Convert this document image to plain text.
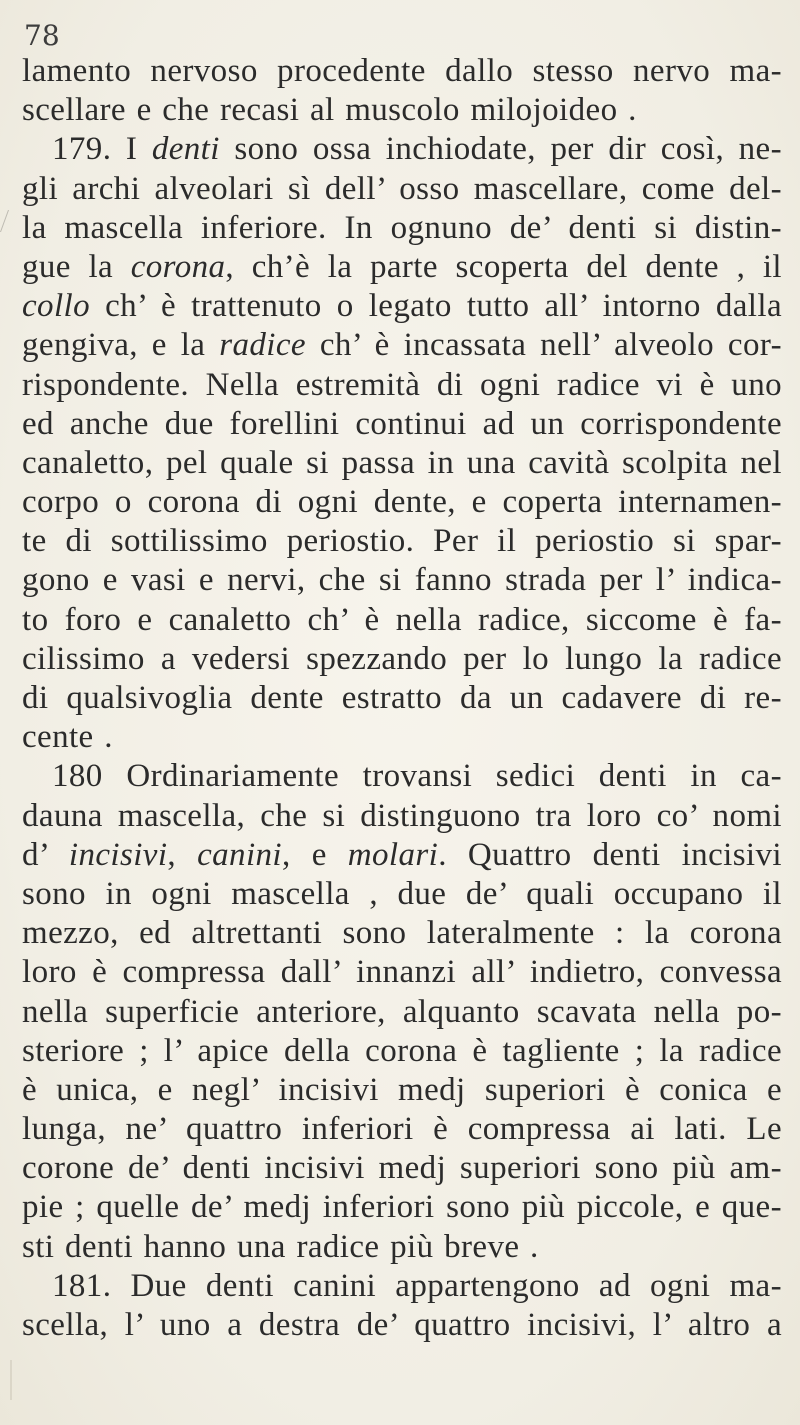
78
lamento nervoso procedente dallo stesso nervo ma-
scellare e che recasi al muscolo milojoideo .
179. I denti sono ossa inchiodate, per dir così, ne-
gli archi alveolari sì dell’ osso mascellare, come del-
la mascella inferiore. In ognuno de’ denti si distin-
gue la corona, ch’è la parte scoperta del dente , il
collo ch’ è trattenuto o legato tutto all’ intorno dalla
gengiva, e la radice ch’ è incassata nell’ alveolo cor-
rispondente. Nella estremità di ogni radice vi è uno
ed anche due forellini continui ad un corrispondente
canaletto, pel quale si passa in una cavità scolpita nel
corpo o corona di ogni dente, e coperta internamen-
te di sottilissimo periostio. Per il periostio si spar-
gono e vasi e nervi, che si fanno strada per l’ indica-
to foro e canaletto ch’ è nella radice, siccome è fa-
cilissimo a vedersi spezzando per lo lungo la radice
di qualsivoglia dente estratto da un cadavere di re-
cente .
180 Ordinariamente trovansi sedici denti in ca-
dauna mascella, che si distinguono tra loro co’ nomi
d’ incisivi, canini, e molari. Quattro denti incisivi
sono in ogni mascella , due de’ quali occupano il
mezzo, ed altrettanti sono lateralmente : la corona
loro è compressa dall’ innanzi all’ indietro, convessa
nella superficie anteriore, alquanto scavata nella po-
steriore ; l’ apice della corona è tagliente ; la radice
è unica, e negl’ incisivi medj superiori è conica e
lunga, ne’ quattro inferiori è compressa ai lati. Le
corone de’ denti incisivi medj superiori sono più am-
pie ; quelle de’ medj inferiori sono più piccole, e que-
sti denti hanno una radice più breve .
181. Due denti canini appartengono ad ogni ma-
scella, l’ uno a destra de’ quattro incisivi, l’ altro a
